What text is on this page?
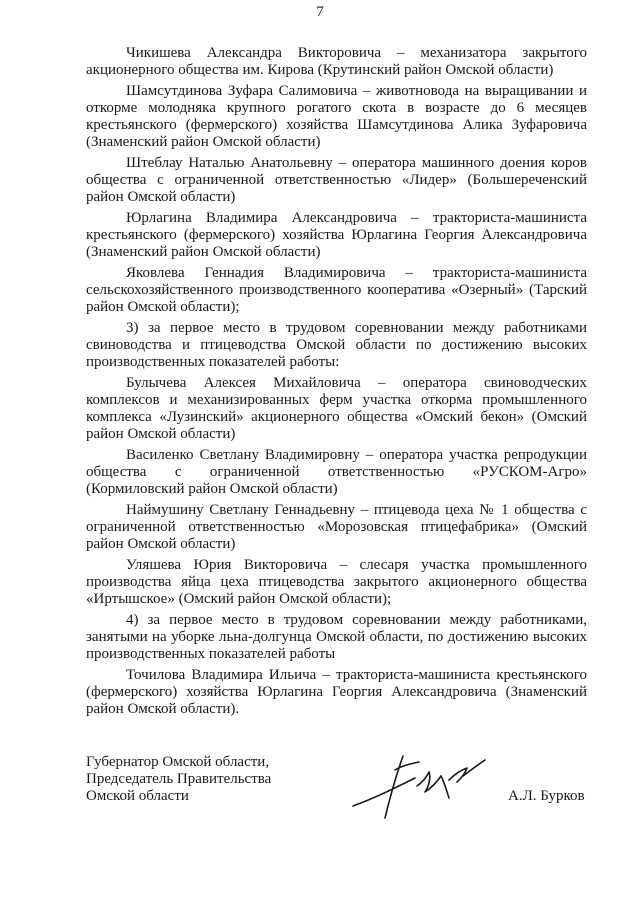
7

Чикишева Александра Викторовича – механизатора закрытого акционерного общества им. Кирова (Крутинский район Омской области)

Шамсутдинова Зуфара Салимовича – животновода на выращивании и откорме молодняка крупного рогатого скота в возрасте до 6 месяцев крестьянского (фермерского) хозяйства Шамсутдинова Алика Зуфаровича (Знаменский район Омской области)

Штеблау Наталью Анатольевну – оператора машинного доения коров общества с ограниченной ответственностью «Лидер» (Большереченский район Омской области)

Юрлагина Владимира Александровича – тракториста-машиниста крестьянского (фермерского) хозяйства Юрлагина Георгия Александровича (Знаменский район Омской области)

Яковлева Геннадия Владимировича – тракториста-машиниста сельскохозяйственного производственного кооператива «Озерный» (Тарский район Омской области);

3) за первое место в трудовом соревновании между работниками свиноводства и птицеводства Омской области по достижению высоких производственных показателей работы:

Булычева Алексея Михайловича – оператора свиноводческих комплексов и механизированных ферм участка откорма промышленного комплекса «Лузинский» акционерного общества «Омский бекон» (Омский район Омской области)

Василенко Светлану Владимировну – оператора участка репродукции общества с ограниченной ответственностью «РУСКОМ-Агро» (Кормиловский район Омской области)

Наймушину Светлану Геннадьевну – птицевода цеха № 1 общества с ограниченной ответственностью «Морозовская птицефабрика» (Омский район Омской области)

Уляшева Юрия Викторовича – слесаря участка промышленного производства яйца цеха птицеводства закрытого акционерного общества «Иртышское» (Омский район Омской области);

4) за первое место в трудовом соревновании между работниками, занятыми на уборке льна-долгунца Омской области, по достижению высоких производственных показателей работы

Точилова Владимира Ильича – тракториста-машиниста крестьянского (фермерского) хозяйства Юрлагина Георгия Александровича (Знаменский район Омской области).

Губернатор Омской области,
Председатель Правительства
Омской области	А.Л. Бурков
